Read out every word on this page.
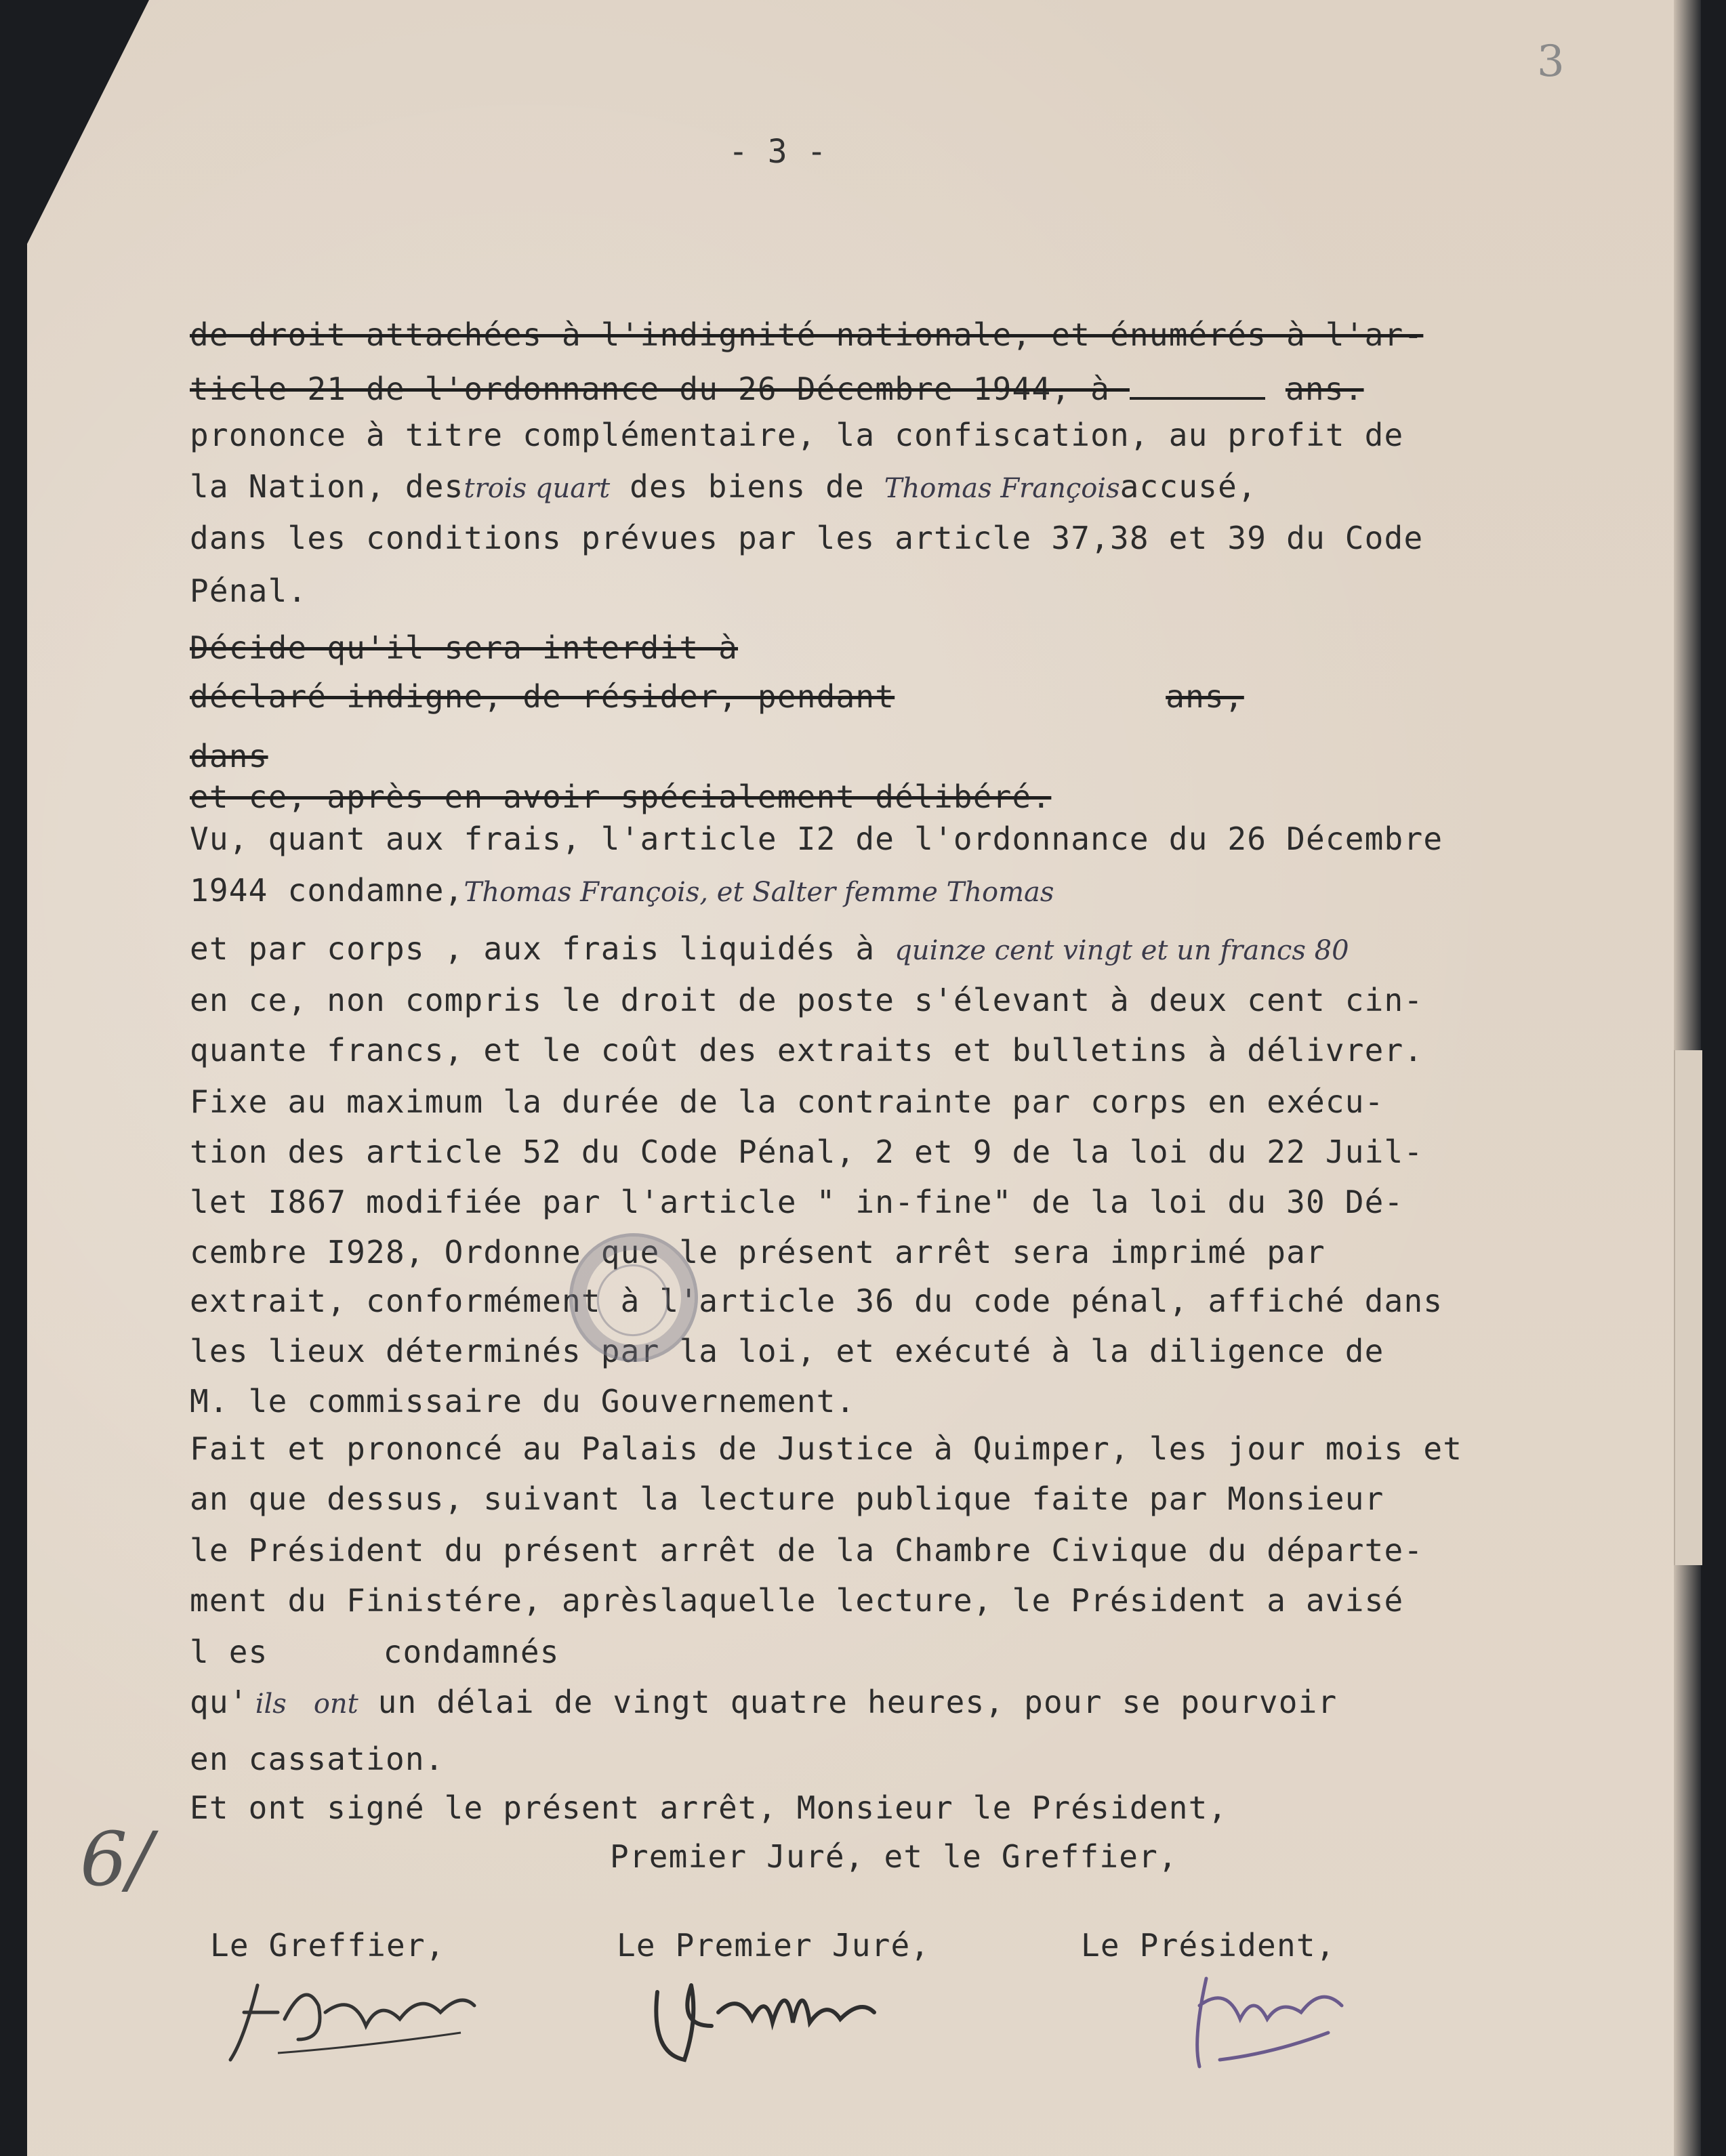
3
- 3 -
de droit attachées à l'indignité nationale, et énumérés à l'ar-
ticle 21 de l'ordonnance du 26 Décembre 1944, à	ans.
prononce à titre complémentaire, la confiscation, au profit de
la Nation, destrois quart des biens de Thomas Françoisaccusé,
dans les conditions prévues par les article 37,38 et 39 du Code
Pénal.
Décide qu'il sera interdit à
déclaré indigne, de résider, pendant	ans,
dans
et ce, après en avoir spécialement délibéré.
Vu, quant aux frais, l'article I2 de l'ordonnance du 26 Décembre
1944 condamne,Thomas François, et Salter femme Thomas
et par corps , aux frais liquidés à quinze cent vingt et un francs 80
en ce, non compris le droit de poste s'élevant à deux cent cin-
quante francs, et le coût des extraits et bulletins à délivrer.
Fixe au maximum la durée de la contrainte par corps en exécu-
tion des article 52 du Code Pénal, 2 et 9 de la loi du 22 Juil-
let I867 modifiée par l'article " in-fine" de la loi du 30 Dé-
cembre I928, Ordonne que le présent arrêt sera imprimé par
extrait, conformément à l'article 36 du code pénal, affiché dans
les lieux déterminés par la loi, et exécuté à la diligence de
M. le commissaire du Gouvernement.
Fait et prononcé au Palais de Justice à Quimper, les jour mois et
an que dessus, suivant la lecture publique faite par Monsieur
le Président du présent arrêt de la Chambre Civique du départe-
ment du Finistére, aprèslaquelle lecture, le Président a avisé
l es	condamnés
qu' ils ont un délai de vingt quatre heures, pour se pourvoir
en cassation.
Et ont signé le présent arrêt, Monsieur le Président,
Premier Juré, et le Greffier,
6/
Le Greffier,	Le Premier Juré,	Le Président,
